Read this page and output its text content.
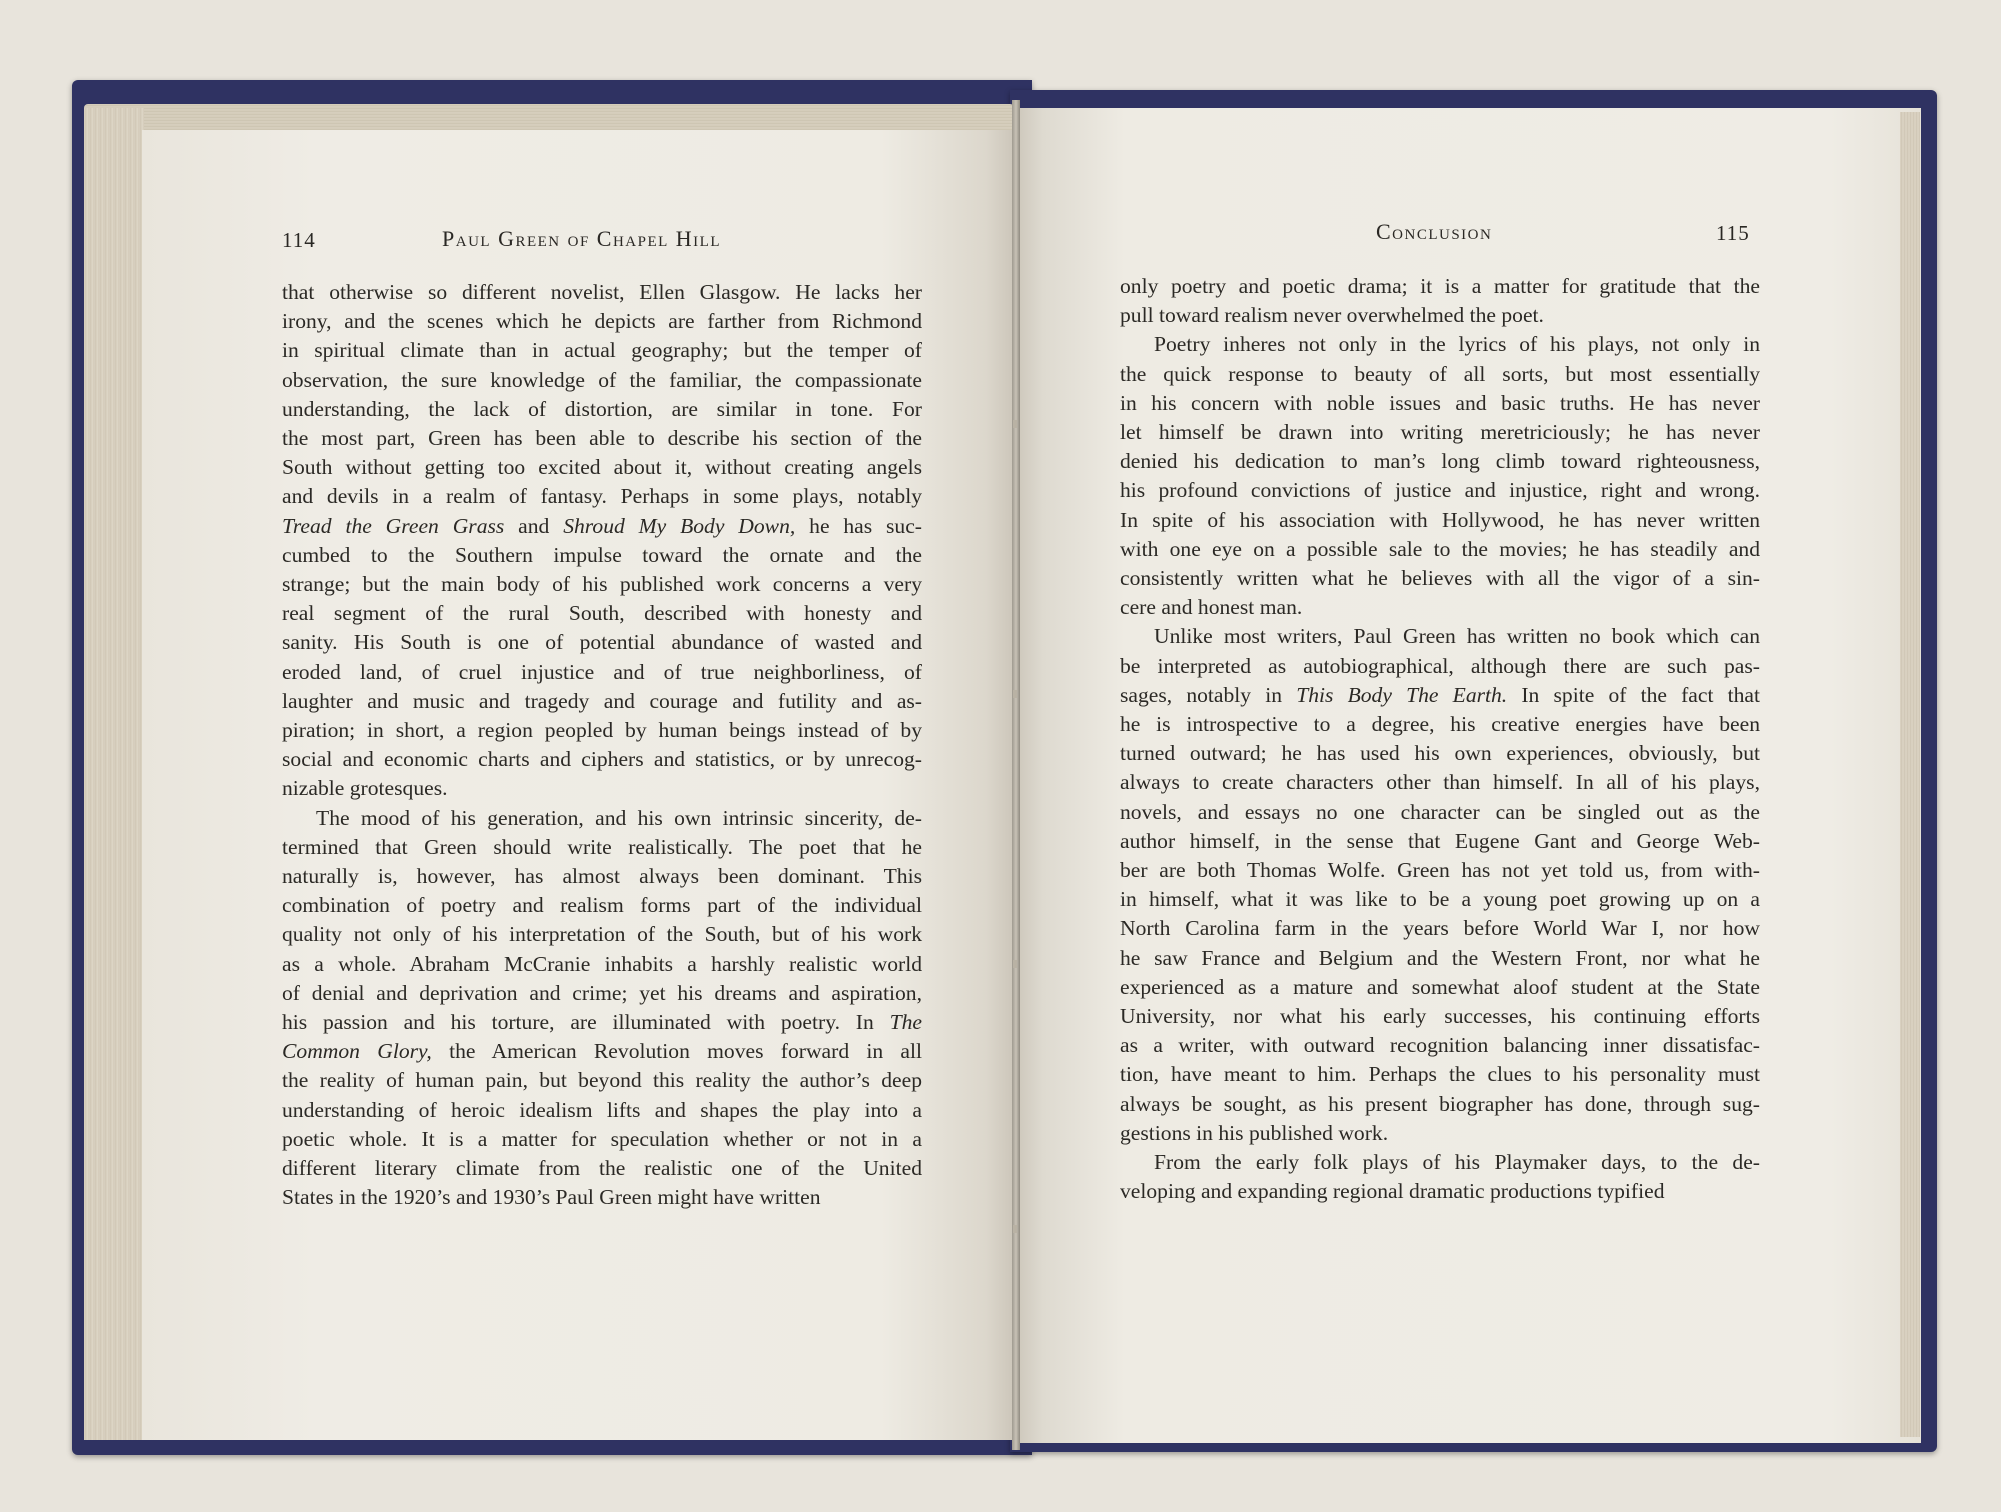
114	Paul Green of Chapel Hill	Conclusion	115
that otherwise so different novelist, Ellen Glasgow. He lacks her
irony, and the scenes which he depicts are farther from Richmond
in spiritual climate than in actual geography; but the temper of
observation, the sure knowledge of the familiar, the compassionate
understanding, the lack of distortion, are similar in tone. For
the most part, Green has been able to describe his section of the
South without getting too excited about it, without creating angels
and devils in a realm of fantasy. Perhaps in some plays, notably
Tread the Green Grass and Shroud My Body Down, he has suc-
cumbed to the Southern impulse toward the ornate and the
strange; but the main body of his published work concerns a very
real segment of the rural South, described with honesty and
sanity. His South is one of potential abundance of wasted and
eroded land, of cruel injustice and of true neighborliness, of
laughter and music and tragedy and courage and futility and as-
piration; in short, a region peopled by human beings instead of by
social and economic charts and ciphers and statistics, or by unrecog-
nizable grotesques.
The mood of his generation, and his own intrinsic sincerity, de-
termined that Green should write realistically. The poet that he
naturally is, however, has almost always been dominant. This
combination of poetry and realism forms part of the individual
quality not only of his interpretation of the South, but of his work
as a whole. Abraham McCranie inhabits a harshly realistic world
of denial and deprivation and crime; yet his dreams and aspiration,
his passion and his torture, are illuminated with poetry. In The
Common Glory, the American Revolution moves forward in all
the reality of human pain, but beyond this reality the author’s deep
understanding of heroic idealism lifts and shapes the play into a
poetic whole. It is a matter for speculation whether or not in a
different literary climate from the realistic one of the United
States in the 1920’s and 1930’s Paul Green might have written
only poetry and poetic drama; it is a matter for gratitude that the
pull toward realism never overwhelmed the poet.
Poetry inheres not only in the lyrics of his plays, not only in
the quick response to beauty of all sorts, but most essentially
in his concern with noble issues and basic truths. He has never
let himself be drawn into writing meretriciously; he has never
denied his dedication to man’s long climb toward righteousness,
his profound convictions of justice and injustice, right and wrong.
In spite of his association with Hollywood, he has never written
with one eye on a possible sale to the movies; he has steadily and
consistently written what he believes with all the vigor of a sin-
cere and honest man.
Unlike most writers, Paul Green has written no book which can
be interpreted as autobiographical, although there are such pas-
sages, notably in This Body The Earth. In spite of the fact that
he is introspective to a degree, his creative energies have been
turned outward; he has used his own experiences, obviously, but
always to create characters other than himself. In all of his plays,
novels, and essays no one character can be singled out as the
author himself, in the sense that Eugene Gant and George Web-
ber are both Thomas Wolfe. Green has not yet told us, from with-
in himself, what it was like to be a young poet growing up on a
North Carolina farm in the years before World War I, nor how
he saw France and Belgium and the Western Front, nor what he
experienced as a mature and somewhat aloof student at the State
University, nor what his early successes, his continuing efforts
as a writer, with outward recognition balancing inner dissatisfac-
tion, have meant to him. Perhaps the clues to his personality must
always be sought, as his present biographer has done, through sug-
gestions in his published work.
From the early folk plays of his Playmaker days, to the de-
veloping and expanding regional dramatic productions typified
